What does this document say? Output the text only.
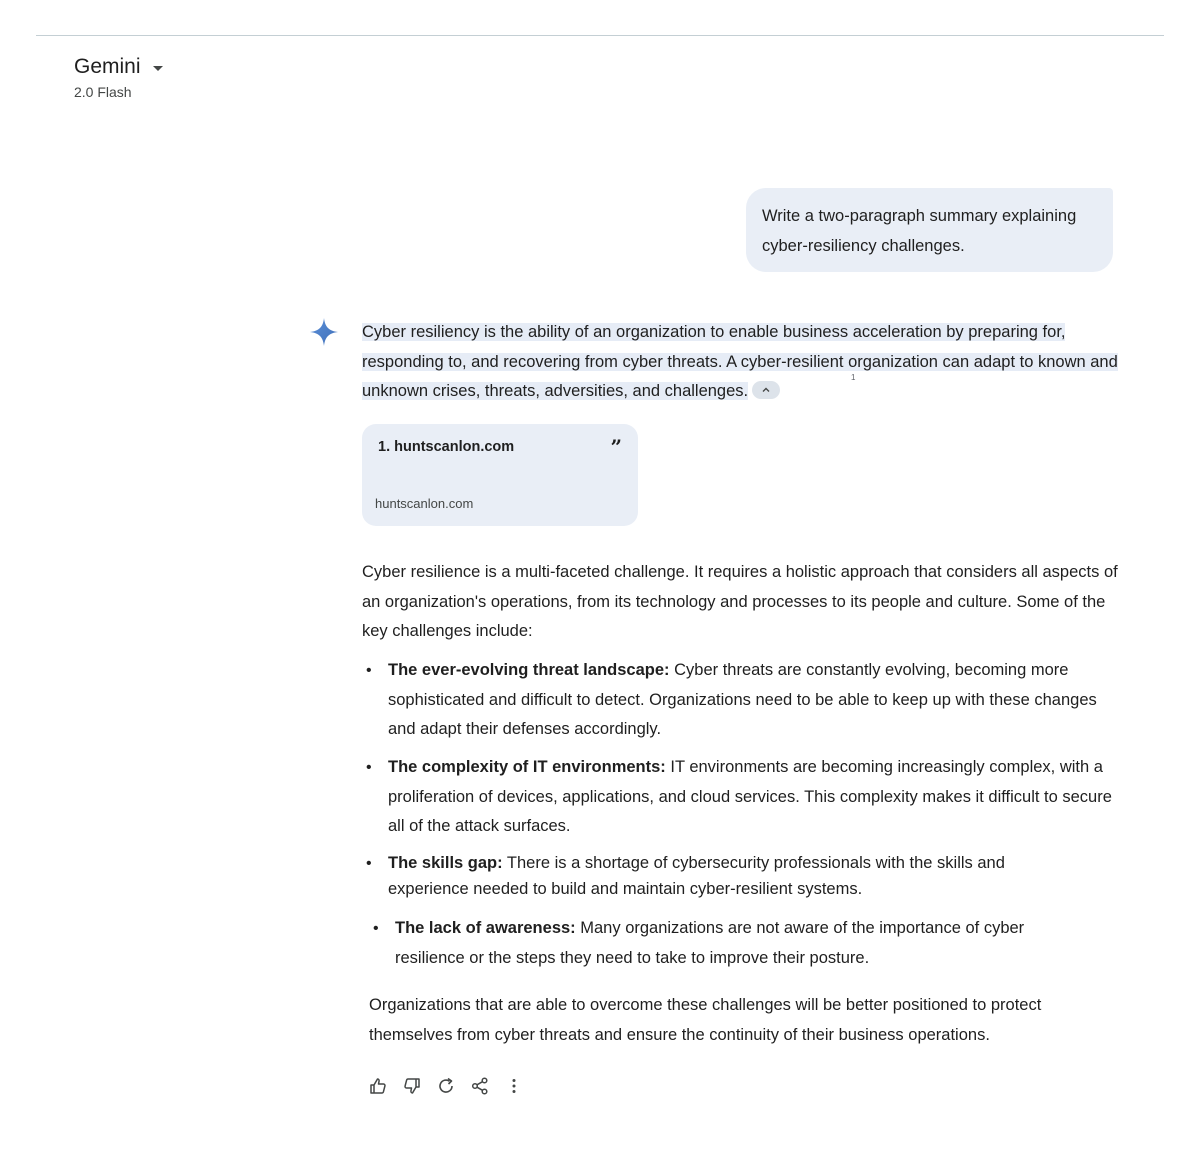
Gemini
2.0 Flash
Write a two-paragraph summary explaining cyber-resiliency challenges.
Cyber resiliency is the ability of an organization to enable business acceleration by preparing for, responding to, and recovering from cyber threats. A cyber-resilient organization can adapt to known and unknown crises, threats, adversities, and challenges.
1
1. huntscanlon.com	”
huntscanlon.com
Cyber resilience is a multi-faceted challenge. It requires a holistic approach that considers all aspects of an organization's operations, from its technology and processes to its people and culture. Some of the key challenges include:
• The ever-evolving threat landscape: Cyber threats are constantly evolving, becoming more sophisticated and difficult to detect. Organizations need to be able to keep up with these changes and adapt their defenses accordingly.
• The complexity of IT environments: IT environments are becoming increasingly complex, with a proliferation of devices, applications, and cloud services. This complexity makes it difficult to secure all of the attack surfaces.
• The skills gap: There is a shortage of cybersecurity professionals with the skills and experience needed to build and maintain cyber-resilient systems.
• The lack of awareness: Many organizations are not aware of the importance of cyber resilience or the steps they need to take to improve their posture.
Organizations that are able to overcome these challenges will be better positioned to protect themselves from cyber threats and ensure the continuity of their business operations.
